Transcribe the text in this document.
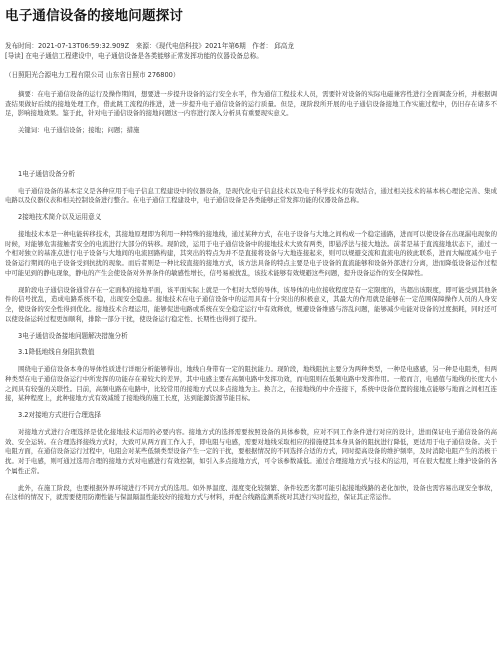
电子通信设备的接地问题探讨
发布时间：2021-07-13T06:59:32.909Z　来源：《现代电信科技》2021年第6期　作者： 邱高龙
[导读] 在电子通信工程建设中，电子通信设备是各类能够正常发挥功能的仪器设备总称。
（日照阳光合源电力工程有限公司 山东省日照市 276800）

摘要：在电子通信设备的运行及操作期间，想要进一步提升设备的运行安全水平，作为通信工程技术人员，需要针对设备的实际电磁兼容性进行全面调查分析，并根据调查结果做好后续的接地处理工作，借此跳工流程的推进，进一步提升电子通信设备的运行质量。但是，现阶段所开展的电子通信设备接地工作实施过程中，仍旧存在诸多不足，影响接地效果。鉴于此，针对电子通信设备的接地问题这一内容进行深入分析具有重要现实意义。

关键词：电子通信设备；接地；问题；措施

1电子通信设备分析

电子通信设备的基本定义是各种应用于电子信息工程建设中的仪器设备，是现代化电子信息技术以及电子科学技术的有效结合，通过相关技术的基本核心理论完善、集成电路以及仪器仪表和相关控制设备进行整合。在电子通信工程建设中，电子通信设备是各类能够正常发挥功能的仪器设备总称。

2接地技术简介以及运用意义

接地技术本是一种电能转移技术，其接地原理即为利用一种特殊的接地线，通过某种方式，在电子设备与大地之间构成一个稳定通路，进而可以使设备在出现漏电现象的时候，对能够危害接触者安全的电流进行大部分的转移。现阶段，运用于电子通信设备中的接地技术大致有两类，即悬浮法与接大地法。前者是基于直流接地状态下，通过一个相对独立的基准点进行电子设备与大地间的电流回路构建，其突出的特点为并不是直接将设备与大地连接起来，则可以规避交流和直流电的彼此联系，进而大幅度减少电子设备运行期间的电子设备受到抗扰的现象。而后者则是一种比较直接的接地方式，该方法具备的特点主要是电子设备的直流能够和设备外部进行分离，进而降低设备运作过程中可能见到的静电现象，静电的产生会使设备对外界条件的敏感性增长，信号易被扰乱，该技术能够有效规避这些问题，提升设备运作的安全保障性。

现阶段电子通信设备通常存在一定面积的接地平面，该平面实际上就是一个相对大型的导体，该导体的电位接收程度是有一定限度的，当超出该限度，即可能受到其他条件的信号扰乱，造成电路系统不稳，出现安全隐患。接地技术在电子通信设备中的运用具有十分突出的积极意义，其最大的作用就是能够在一定范围保障操作人员的人身安全，使设备的安全性得到优化。接地技术合理运用，能够促进电路或系统在安全稳定运行中有效释放，规避设备维感与溶乱问题，能够减少电能对设备的过度损耗，同时还可以使设备运转过程更加顺利，排除一部分干扰，使设备运行稳定性、长期性也得到了提升。

3电子通信设备接地问题解决措施分析
3.1降低地线自身阻抗数值

围绕电子通信设备本身的导体性质进行详细分析能够得出，地线自身带有一定的阻抗能力。现阶段，地线阻抗主要分为两种类型，一种是电感感，另一种是电阻类，但两种类型在电子通信设备运行中所发挥的功能存在着较大的差异，其中电感主要在高频电路中发挥功效，而电阻则在低频电路中发挥作用。一般而言，电感值与地线的长度大小之间具有较强的关联性。目前，高频电路在电路中，比较常用的接地方式以多点接地为主。换言之，在接地线的中介连接下，系统中设备位置的接地点能够与地面之间相互连接，某种程度上，此种接地方式有效减缓了接地线的施工长度，达到能源资源节能目标。

3.2对接地方式进行合理选择

对接地方式进行合理选择是优化接地技术运用的必要内容。接地方式的选择需要按照设备的具体参数，应对不同工作条件进行对应的设计，进而保证电子通信设备的高效、安全运转。在合理选择接线方式时，大致可从两方面工作入手，即电阻与电感，需要对地线采取相应的措施使其本身具备的阻抗进行降低，更适用于电子通信设备。关于电阻方面，在通信设备运行过程中，电阻会对某些低频类型设备产生一定的干扰，要根据情况的不同选择合适的方式，同时提高设备的维护频率，及时消除电阻产生的消极干扰。对于电感，则可通过选用合理的接地方式对电感进行有效控制，如引入多点接地方式，可令该参数减低。通过合理接地方式与技术的运用，可在很大程度上维护设备的各个属性正常。

此外，在施工阶段，也要根据外界环境进行不同方式的选用。如外界温度、湿度变化较频繁、条件较恶劣都可能引起接地线路的老化加快，设备也需容易出现安全事故，在这样的情况下，就需要使用防潮性能与保温隔温性能较好的接地方式与材料，并配合线路监测系统对其进行实时监控，保证其正常运作。
